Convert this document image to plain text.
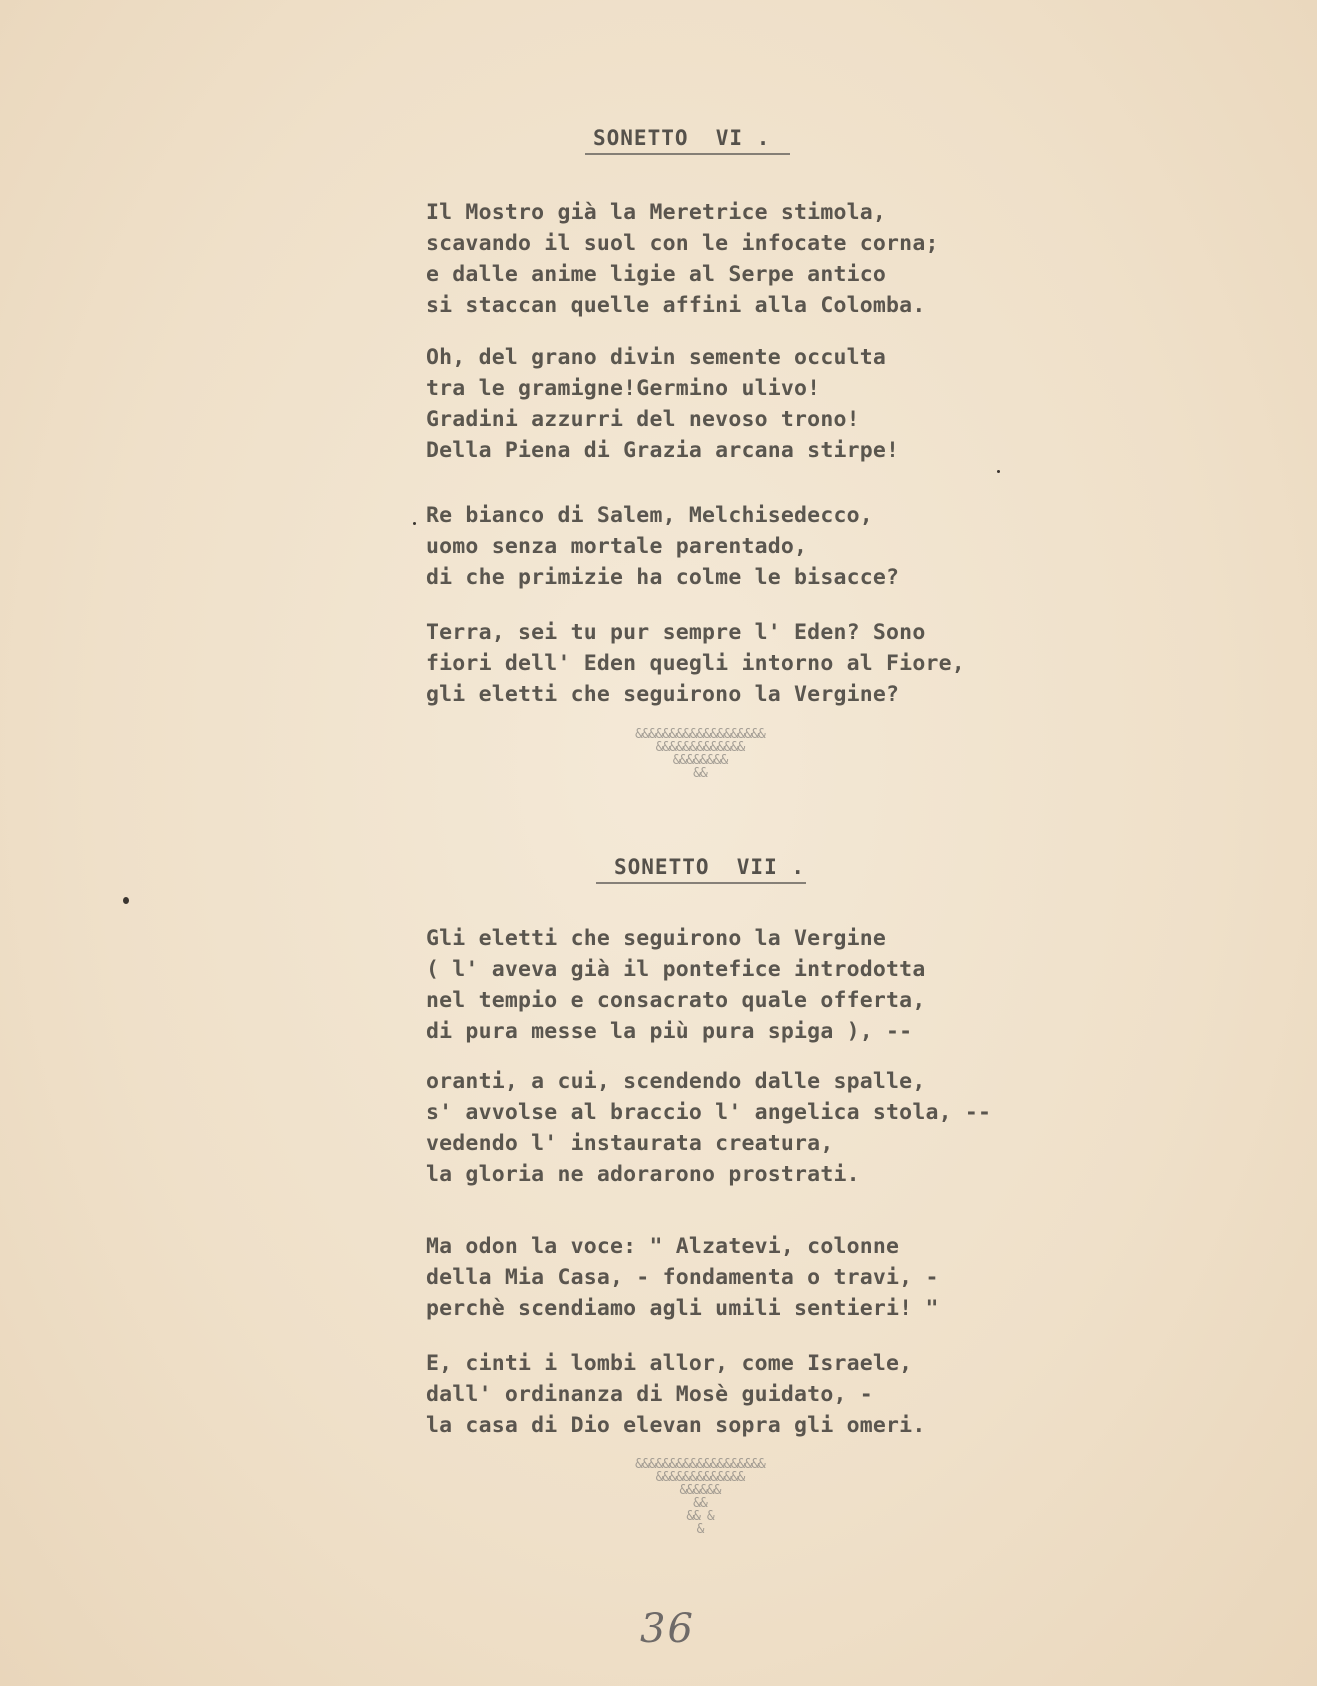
SONETTO  VI .
Il Mostro già la Meretrice stimola,
scavando il suol con le infocate corna;
e dalle anime ligie al Serpe antico
si staccan quelle affini alla Colomba.
Oh, del grano divin semente occulta
tra le gramigne!Germino ulivo!
Gradini azzurri del nevoso trono!
Della Piena di Grazia arcana stirpe!
Re bianco di Salem, Melchisedecco,
uomo senza mortale parentado,
di che primizie ha colme le bisacce?
Terra, sei tu pur sempre l' Eden? Sono
fiori dell' Eden quegli intorno al Fiore,
gli eletti che seguirono la Vergine?
&&&&&&&&&&&&&&&&&&&
&&&&&&&&&&&&&
&&&&&&&&
&&
SONETTO  VII .
Gli eletti che seguirono la Vergine
( l' aveva già il pontefice introdotta
nel tempio e consacrato quale offerta,
di pura messe la più pura spiga ), --
oranti, a cui, scendendo dalle spalle,
s' avvolse al braccio l' angelica stola, --
vedendo l' instaurata creatura,
la gloria ne adorarono prostrati.
Ma odon la voce: " Alzatevi, colonne
della Mia Casa, - fondamenta o travi, -
perchè scendiamo agli umili sentieri! "
E, cinti i lombi allor, come Israele,
dall' ordinanza di Mosè guidato, -
la casa di Dio elevan sopra gli omeri.
&&&&&&&&&&&&&&&&&&&
&&&&&&&&&&&&&
&&&&&&
&&
&& &
&
36
